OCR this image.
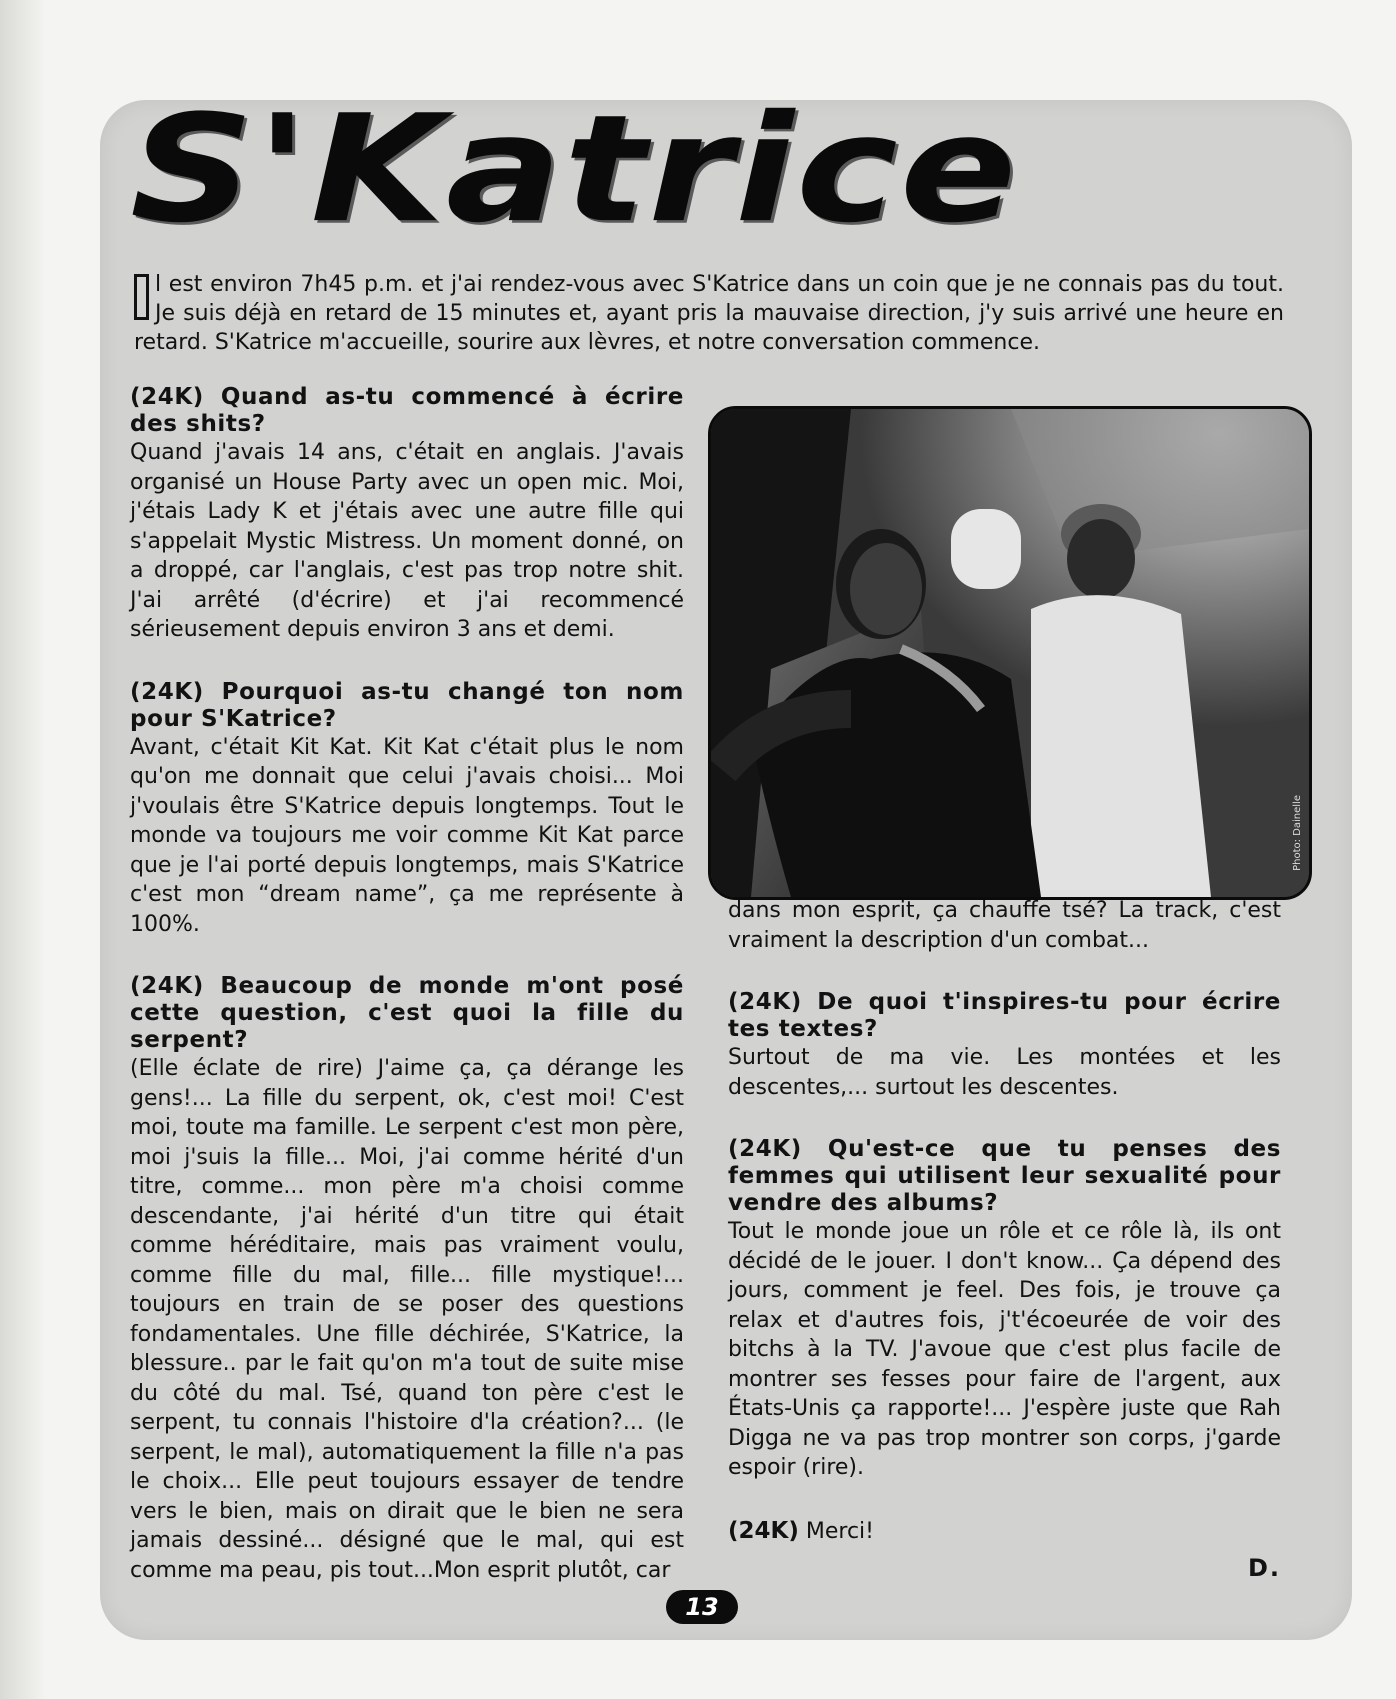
S'Katrice
l est environ 7h45 p.m. et j'ai rendez-vous avec S'Katrice dans un coin que je ne connais pas du tout. Je suis déjà en retard de 15 minutes et, ayant pris la mauvaise direction, j'y suis arrivé une heure en retard. S'Katrice m'accueille, sourire aux lèvres, et notre conversation commence.

(24K) Quand as-tu commencé à écrire des shits?

Quand j'avais 14 ans, c'était en anglais. J'avais organisé un House Party avec un open mic. Moi, j'étais Lady K et j'étais avec une autre fille qui s'appelait Mystic Mistress. Un moment donné, on a droppé, car l'anglais, c'est pas trop notre shit. J'ai arrêté (d'écrire) et j'ai recommencé sérieusement depuis environ 3 ans et demi.

(24K) Pourquoi as-tu changé ton nom pour S'Katrice?

Avant, c'était Kit Kat. Kit Kat c'était plus le nom qu'on me donnait que celui j'avais choisi... Moi j'voulais être S'Katrice depuis longtemps. Tout le monde va toujours me voir comme Kit Kat parce que je l'ai porté depuis longtemps, mais S'Katrice c'est mon “dream name”, ça me représente à 100%.

(24K) Beaucoup de monde m'ont posé cette question, c'est quoi la fille du serpent?

(Elle éclate de rire) J'aime ça, ça dérange les gens!... La fille du serpent, ok, c'est moi! C'est moi, toute ma famille. Le serpent c'est mon père, moi j'suis la fille... Moi, j'ai comme hérité d'un titre, comme... mon père m'a choisi comme descendante, j'ai hérité d'un titre qui était comme héréditaire, mais pas vraiment voulu, comme fille du mal, fille... fille mystique!... toujours en train de se poser des questions fondamentales. Une fille déchirée, S'Katrice, la blessure.. par le fait qu'on m'a tout de suite mise du côté du mal. Tsé, quand ton père c'est le serpent, tu connais l'histoire d'la création?... (le serpent, le mal), automatiquement la fille n'a pas le choix... Elle peut toujours essayer de tendre vers le bien, mais on dirait que le bien ne sera jamais dessiné... désigné que le mal, qui est comme ma peau, pis tout...Mon esprit plutôt, car

Photo: Dainelle

dans mon esprit, ça chauffe tsé? La track, c'est vraiment la description d'un combat...

(24K) De quoi t'inspires-tu pour écrire tes textes?

Surtout de ma vie. Les montées et les descentes,... surtout les descentes.

(24K) Qu'est-ce que tu penses des femmes qui utilisent leur sexualité pour vendre des albums?

Tout le monde joue un rôle et ce rôle là, ils ont décidé de le jouer. I don't know... Ça dépend des jours, comment je feel. Des fois, je trouve ça relax et d'autres fois, j't'écoeurée de voir des bitchs à la TV. J'avoue que c'est plus facile de montrer ses fesses pour faire de l'argent, aux États-Unis ça rapporte!... J'espère juste que Rah Digga ne va pas trop montrer son corps, j'garde espoir (rire).

(24K) Merci!

D.

13
